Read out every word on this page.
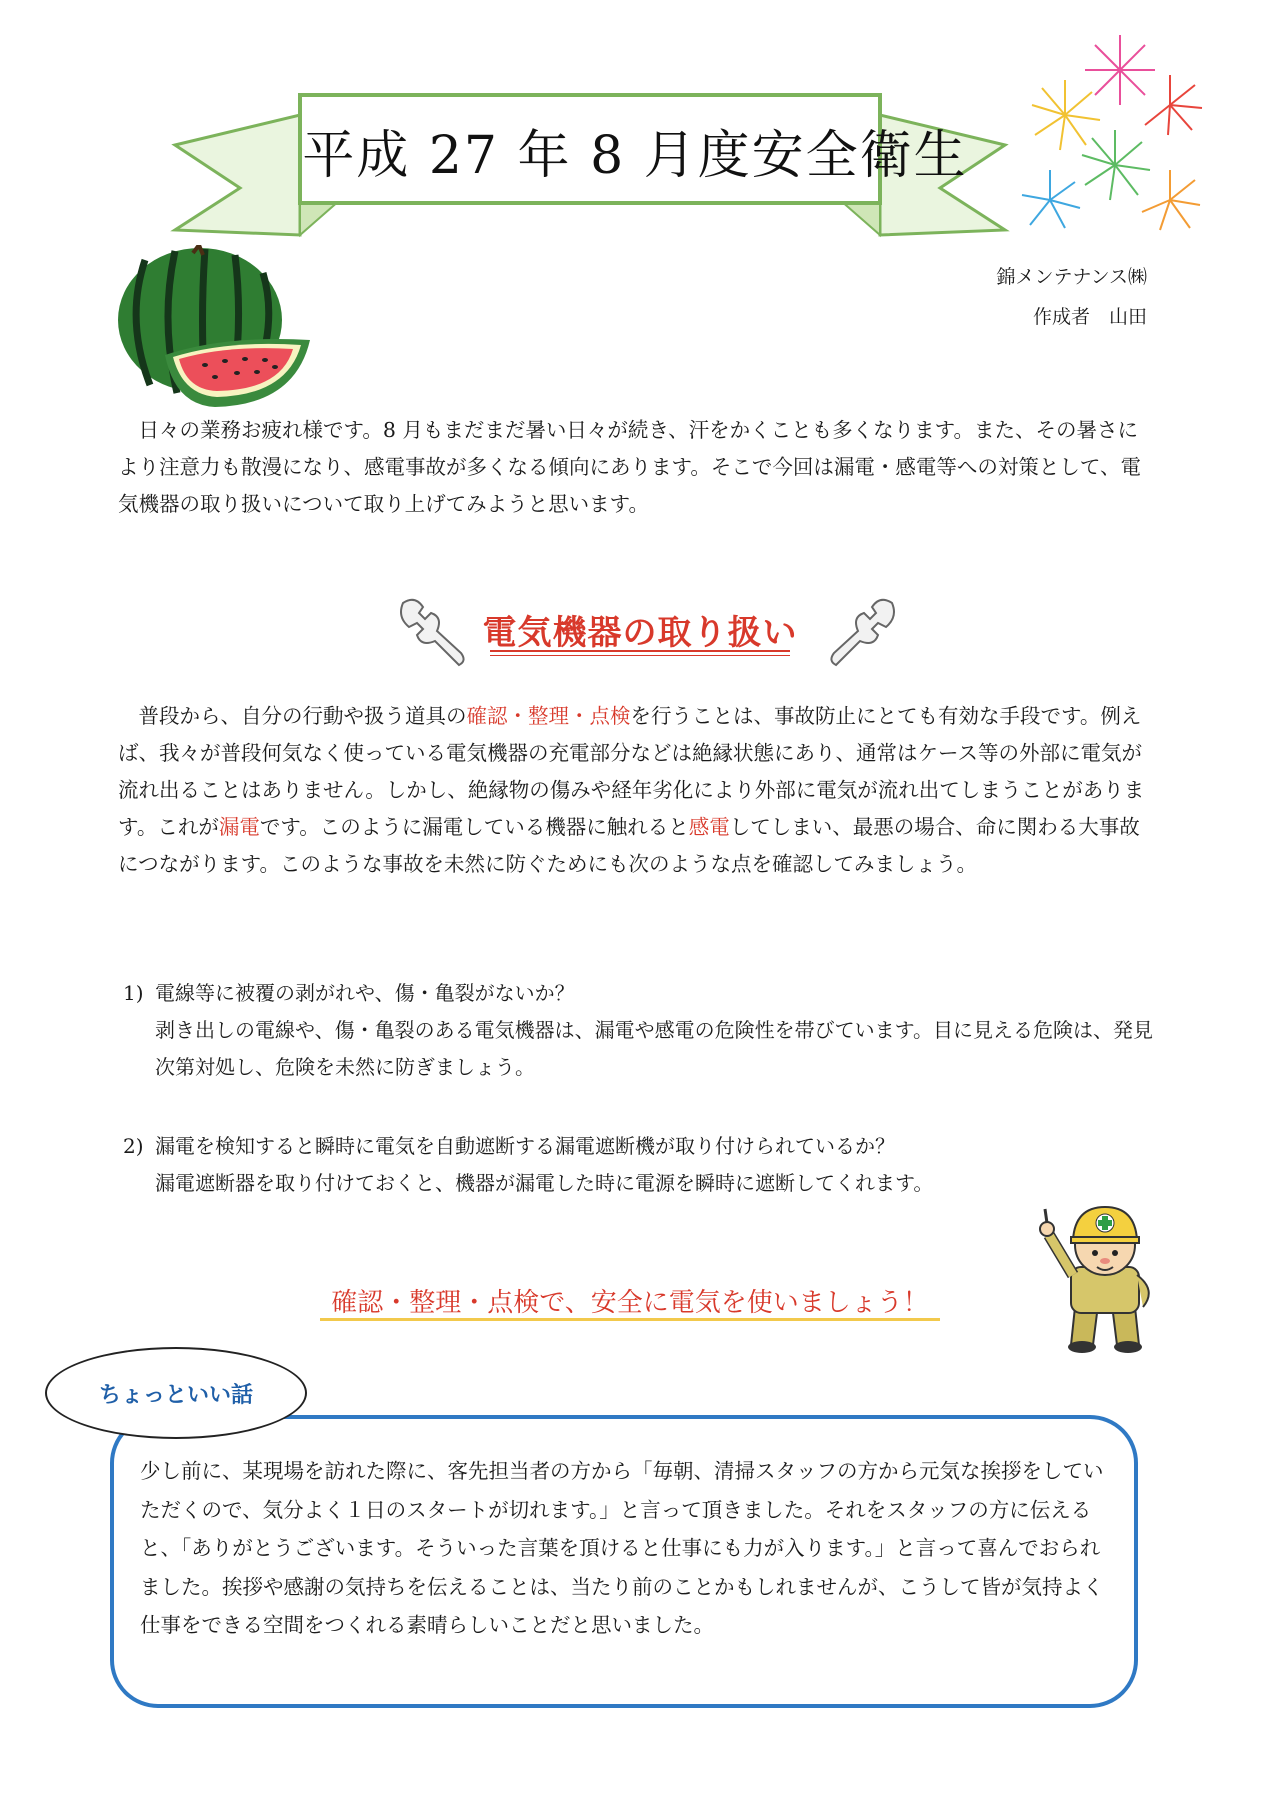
平成 27 年 8 月度安全衛生
錦メンテナンス㈱
作成者　山田

日々の業務お疲れ様です。8 月もまだまだ暑い日々が続き、汗をかくことも多くなります。また、その暑さにより注意力も散漫になり、感電事故が多くなる傾向にあります。そこで今回は漏電・感電等への対策として、電気機器の取り扱いについて取り上げてみようと思います。

電気機器の取り扱い

普段から、自分の行動や扱う道具の確認・整理・点検を行うことは、事故防止にとても有効な手段です。例えば、我々が普段何気なく使っている電気機器の充電部分などは絶縁状態にあり、通常はケース等の外部に電気が流れ出ることはありません。しかし、絶縁物の傷みや経年劣化により外部に電気が流れ出てしまうことがあります。これが漏電です。このように漏電している機器に触れると感電してしまい、最悪の場合、命に関わる大事故につながります。このような事故を未然に防ぐためにも次のような点を確認してみましょう。

1) 電線等に被覆の剥がれや、傷・亀裂がないか？
剥き出しの電線や、傷・亀裂のある電気機器は、漏電や感電の危険性を帯びています。目に見える危険は、発見次第対処し、危険を未然に防ぎましょう。
2) 漏電を検知すると瞬時に電気を自動遮断する漏電遮断機が取り付けられているか？
漏電遮断器を取り付けておくと、機器が漏電した時に電源を瞬時に遮断してくれます。
確認・整理・点検で、安全に電気を使いましょう！

少し前に、某現場を訪れた際に、客先担当者の方から「毎朝、清掃スタッフの方から元気な挨拶をしていただくので、気分よく１日のスタートが切れます。」と言って頂きました。それをスタッフの方に伝えると、「ありがとうございます。そういった言葉を頂けると仕事にも力が入ります。」と言って喜んでおられました。挨拶や感謝の気持ちを伝えることは、当たり前のことかもしれませんが、こうして皆が気持よく仕事をできる空間をつくれる素晴らしいことだと思いました。

ちょっといい話
